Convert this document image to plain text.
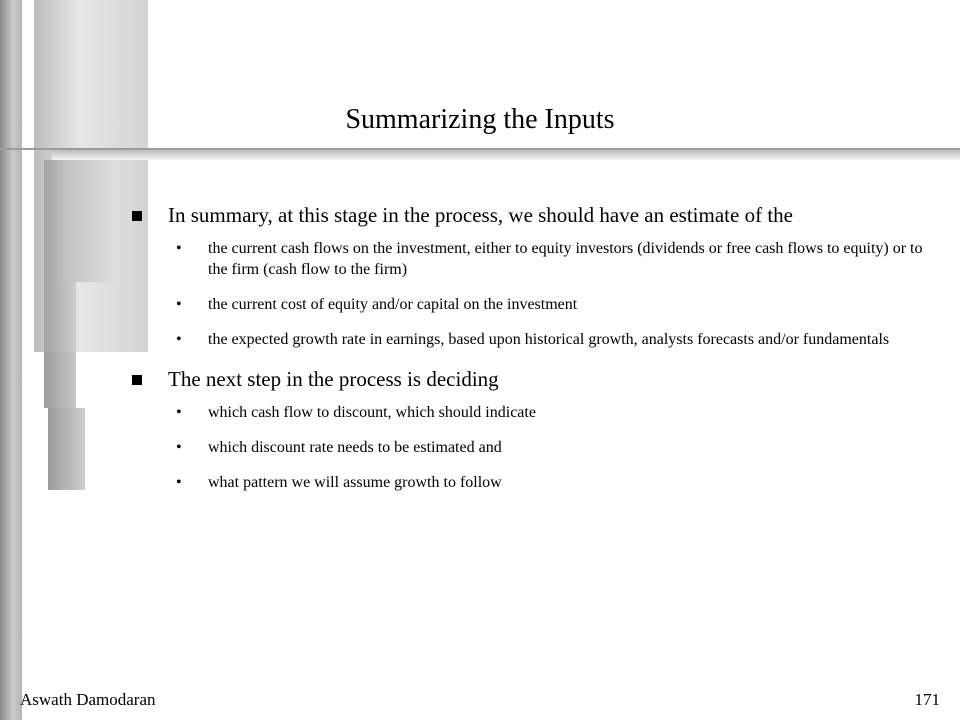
Summarizing the Inputs
In summary, at this stage in the process, we should have an estimate of the
• the current cash flows on the investment, either to equity investors (dividends or free cash flows to equity) or to the firm (cash flow to the firm)
• the current cost of equity and/or capital on the investment
• the expected growth rate in earnings, based upon historical growth, analysts forecasts and/or fundamentals
The next step in the process is deciding
• which cash flow to discount, which should indicate
• which discount rate needs to be estimated and
• what pattern we will assume growth to follow
Aswath Damodaran	171
